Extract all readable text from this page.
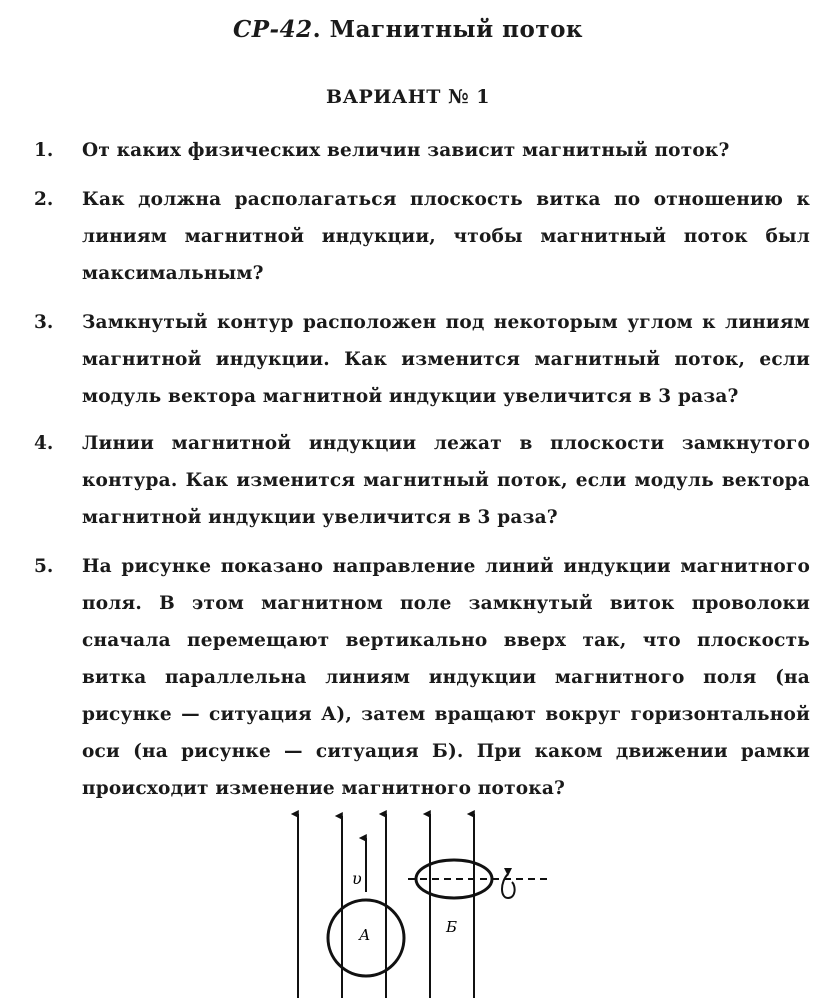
СР-42. Магнитный поток
ВАРИАНТ № 1
1.	От каких физических величин зависит магнитный поток?
2.	Как должна располагаться плоскость витка по отношению к линиям магнитной индукции, чтобы магнитный поток был максимальным?
3.	Замкнутый контур расположен под некоторым углом к линиям магнитной индукции. Как изменится магнитный поток, если модуль вектора магнитной индукции увеличится в 3 раза?
4.	Линии магнитной индукции лежат в плоскости замкнутого контура. Как изменится магнитный поток, если модуль вектора магнитной индукции увеличится в 3 раза?
5.	На рисунке показано направление линий индукции магнитного поля. В этом магнитном поле замкнутый виток проволоки сначала перемещают вертикально вверх так, что плоскость витка параллельна линиям индукции магнитного поля (на рисунке — ситуация А), затем вращают вокруг горизонтальной оси (на рисунке — ситуация Б). При каком движении рамки происходит изменение магнитного потока?
υ
А	Б
